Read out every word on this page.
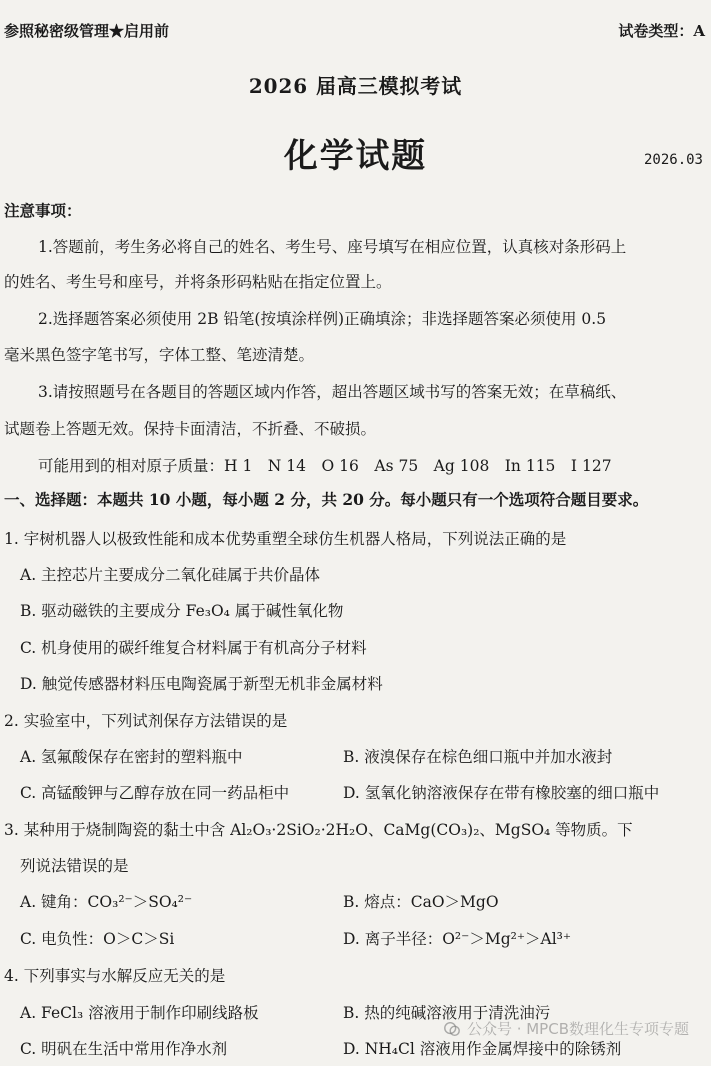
参照秘密级管理★启用前	试卷类型：A
2026 届高三模拟考试
化学试题	2026.03
注意事项：
1.答题前，考生务必将自己的姓名、考生号、座号填写在相应位置，认真核对条形码上
的姓名、考生号和座号，并将条形码粘贴在指定位置上。
2.选择题答案必须使用 2B 铅笔(按填涂样例)正确填涂；非选择题答案必须使用 0.5
毫米黑色签字笔书写，字体工整、笔迹清楚。
3.请按照题号在各题目的答题区域内作答，超出答题区域书写的答案无效；在草稿纸、
试题卷上答题无效。保持卡面清洁，不折叠、不破损。
可能用到的相对原子质量：H 1　N 14　O 16　As 75　Ag 108　In 115　I 127
一、选择题：本题共 10 小题，每小题 2 分，共 20 分。每小题只有一个选项符合题目要求。
1. 宇树机器人以极致性能和成本优势重塑全球仿生机器人格局，下列说法正确的是
A. 主控芯片主要成分二氧化硅属于共价晶体
B. 驱动磁铁的主要成分 Fe₃O₄ 属于碱性氧化物
C. 机身使用的碳纤维复合材料属于有机高分子材料
D. 触觉传感器材料压电陶瓷属于新型无机非金属材料
2. 实验室中，下列试剂保存方法错误的是
A. 氢氟酸保存在密封的塑料瓶中	B. 液溴保存在棕色细口瓶中并加水液封
C. 高锰酸钾与乙醇存放在同一药品柜中	D. 氢氧化钠溶液保存在带有橡胶塞的细口瓶中
3. 某种用于烧制陶瓷的黏土中含 Al₂O₃·2SiO₂·2H₂O、CaMg(CO₃)₂、MgSO₄ 等物质。下
列说法错误的是
A. 键角：CO₃²⁻＞SO₄²⁻	B. 熔点：CaO＞MgO
C. 电负性：O＞C＞Si	D. 离子半径：O²⁻＞Mg²⁺＞Al³⁺
4. 下列事实与水解反应无关的是
A. FeCl₃ 溶液用于制作印刷线路板	B. 热的纯碱溶液用于清洗油污
C. 明矾在生活中常用作净水剂	D. NH₄Cl 溶液用作金属焊接中的除锈剂
公众号 · MPCB数理化生专项专题
